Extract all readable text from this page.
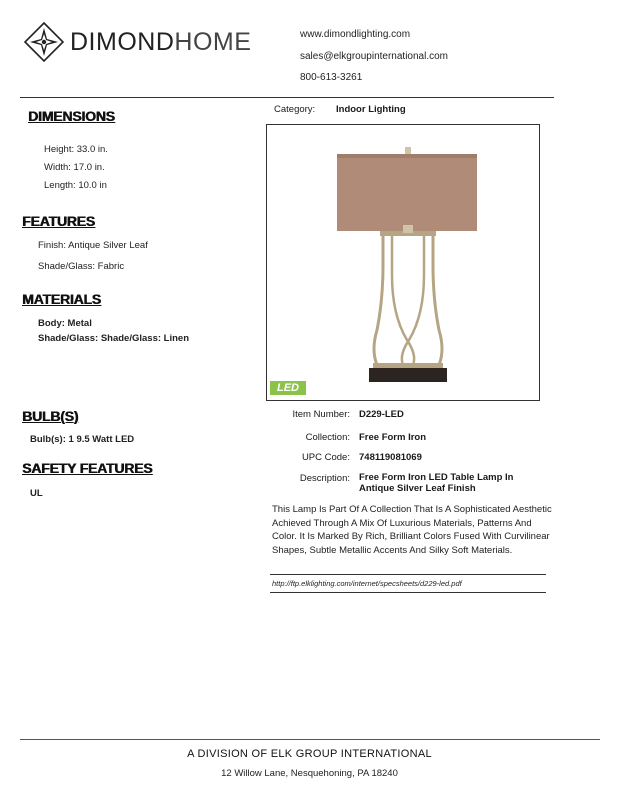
DIMONDHOME	www.dimondlighting.com
sales@elkgroupinternational.com
800-613-3261
DIMENSIONS
Height: 33.0 in.
Width: 17.0 in.
Length: 10.0 in
FEATURES
Finish: Antique Silver Leaf
Shade/Glass: Fabric
MATERIALS
Body: Metal
Shade/Glass: Shade/Glass: Linen
BULB(S)
Bulb(s): 1 9.5 Watt LED
SAFETY FEATURES
UL
Category: Indoor Lighting
LED
Item Number: D229-LED
Collection: Free Form Iron
UPC Code: 748119081069
Description: Free Form Iron LED Table Lamp In
Antique Silver Leaf Finish
This Lamp Is Part Of A Collection That Is A Sophisticated Aesthetic Achieved Through A Mix Of Luxurious Materials, Patterns And Color. It Is Marked By Rich, Brilliant Colors Fused With Curvilinear Shapes, Subtle Metallic Accents And Silky Soft Materials.
http://ftp.elklighting.com/internet/specsheets/d229-led.pdf
A DIVISION OF ELK GROUP INTERNATIONAL
12 Willow Lane, Nesquehoning, PA 18240
